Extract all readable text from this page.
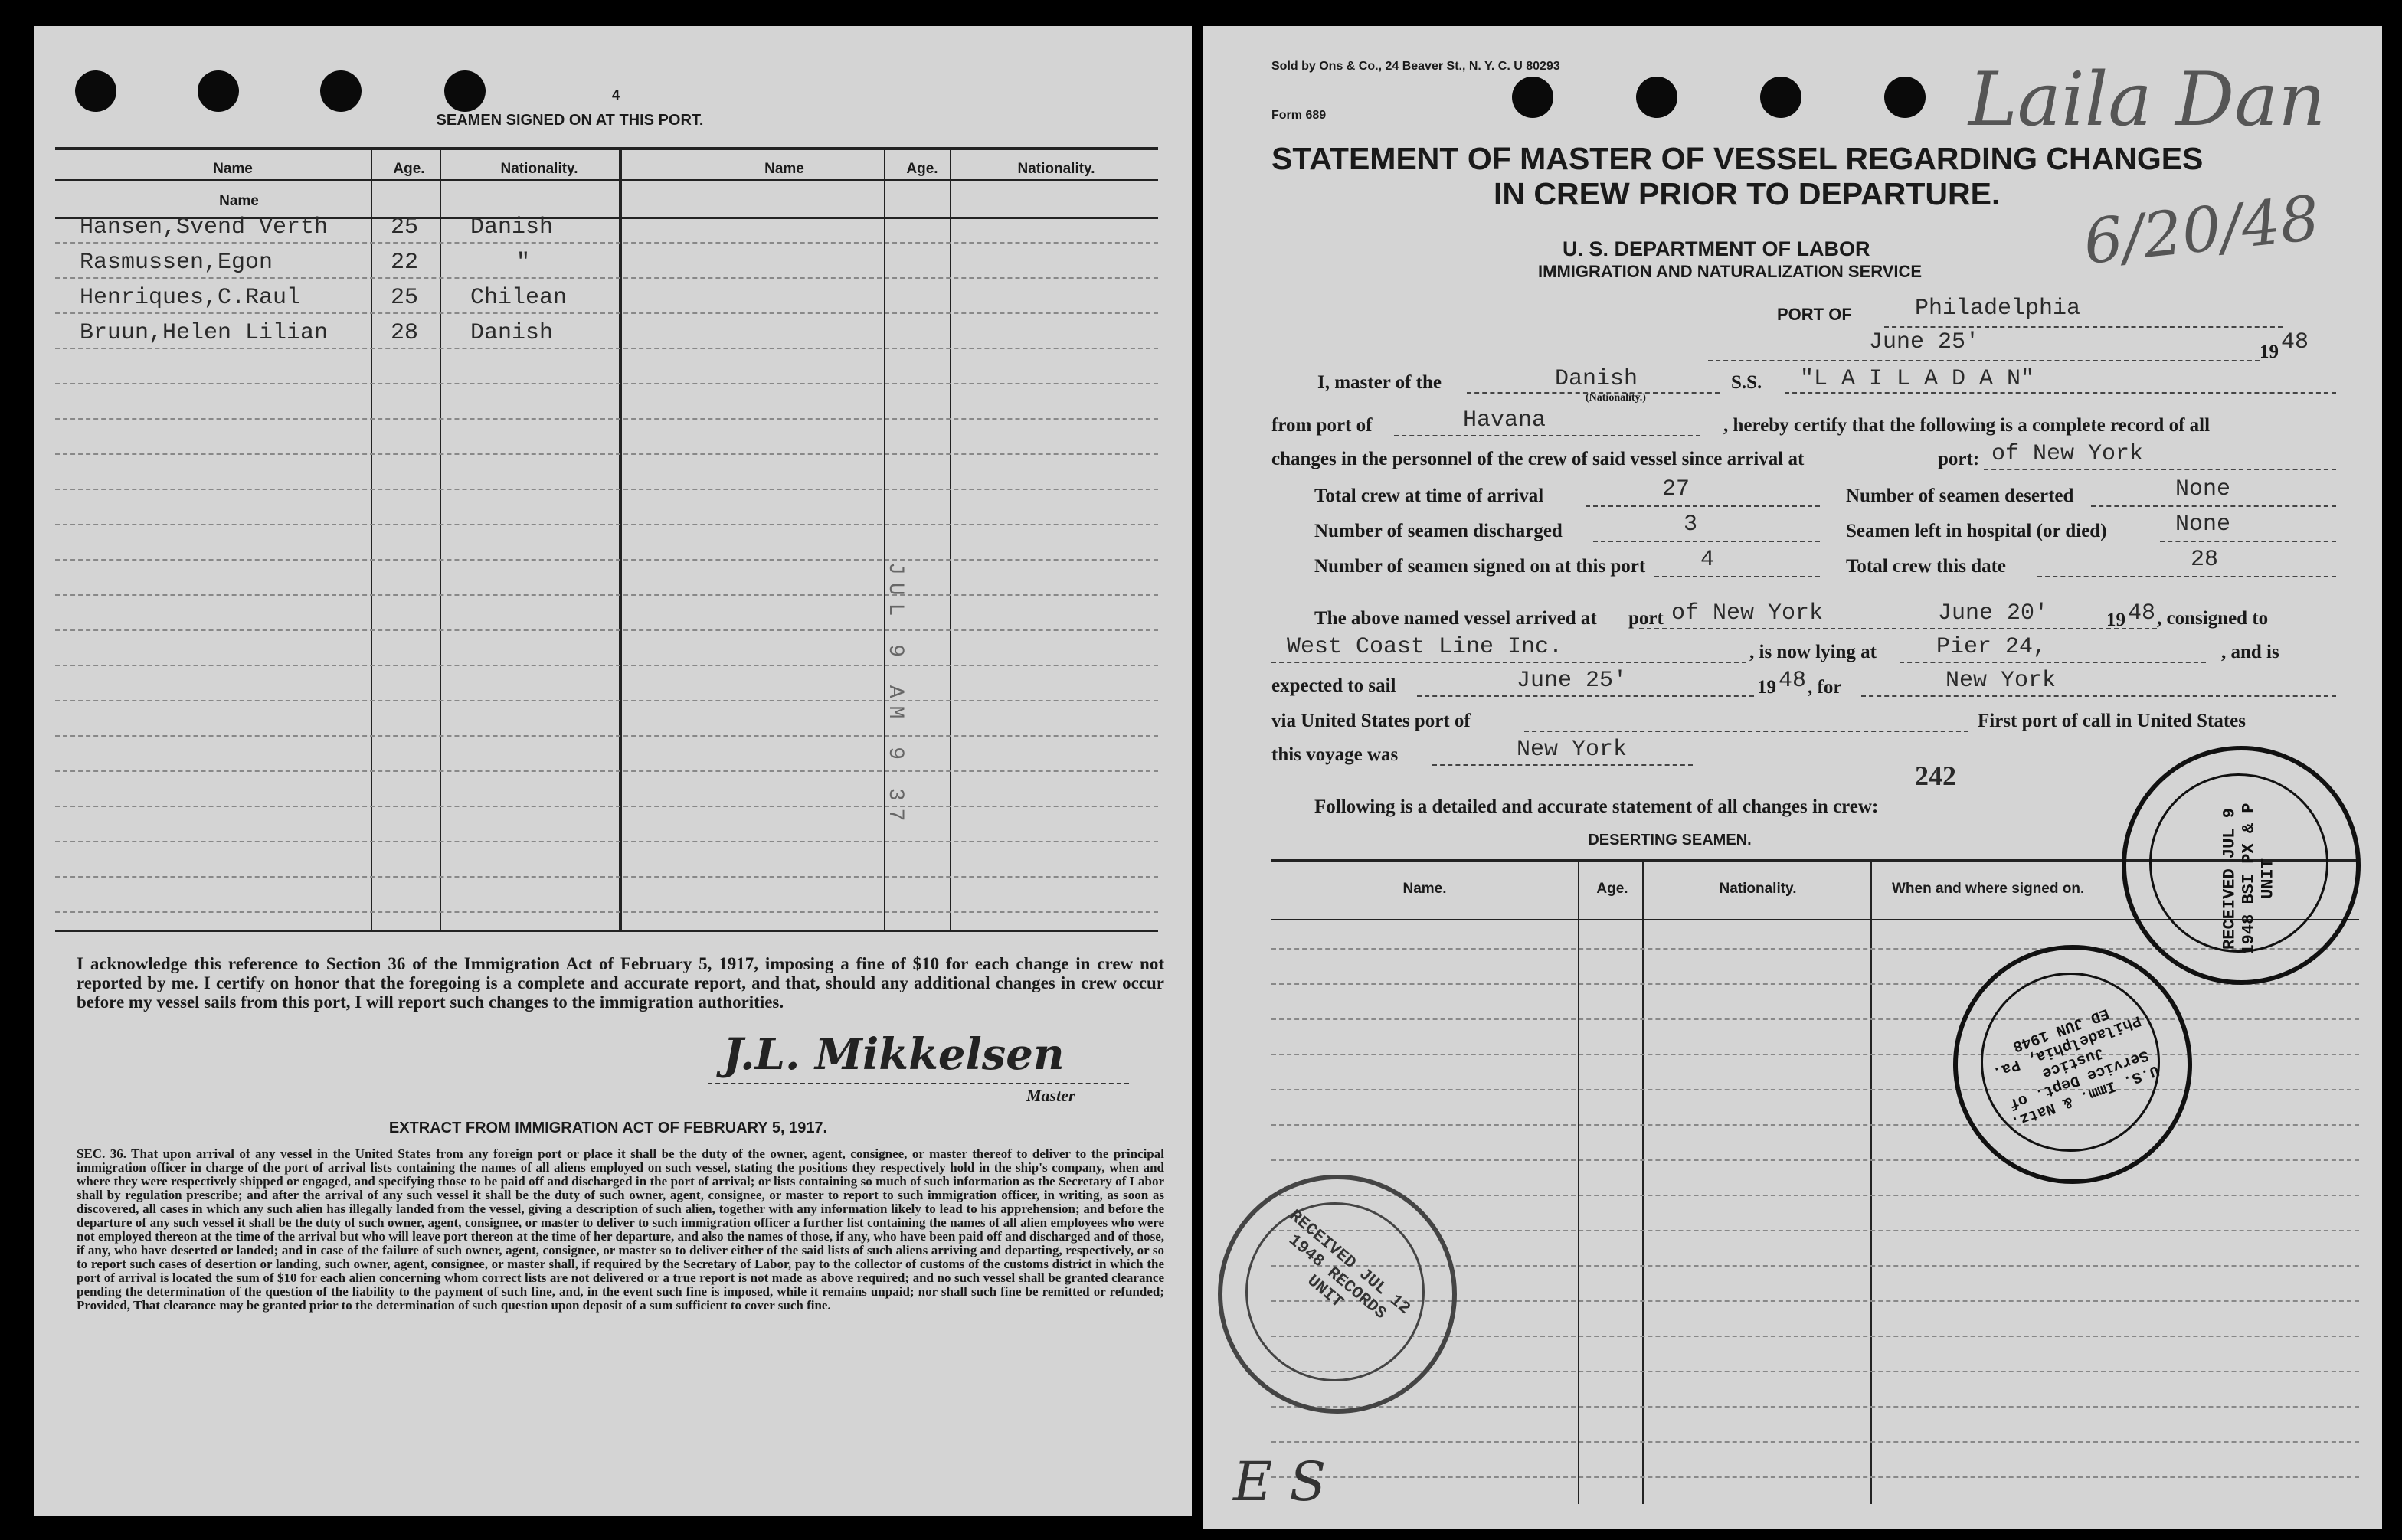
4
SEAMEN SIGNED ON AT THIS PORT.
Name
Name	Age.	Nationality.	Name	Age.	Nationality.
Hansen,Svend Verth	25 Danish
Rasmussen,Egon	22	"
Henriques,C.Raul	25 Chilean
Bruun,Helen Lilian	28 Danish
JUL 9 AM 9 37
I acknowledge this reference to Section 36 of the Immigration Act of February 5, 1917, imposing a fine of $10 for each change in crew not reported by me. I certify on honor that the foregoing is a complete and accurate report, and that, should any additional changes in crew occur before my vessel sails from this port, I will report such changes to the immigration authorities.
J.L. Mikkelsen
Master
EXTRACT FROM IMMIGRATION ACT OF FEBRUARY 5, 1917.
SEC. 36. That upon arrival of any vessel in the United States from any foreign port or place it shall be the duty of the owner, agent, consignee, or master thereof to deliver to the principal immigration officer in charge of the port of arrival lists containing the names of all aliens employed on such vessel, stating the positions they respectively hold in the ship's company, when and where they were respectively shipped or engaged, and specifying those to be paid off and discharged in the port of arrival; or lists containing so much of such information as the Secretary of Labor shall by regulation prescribe; and after the arrival of any such vessel it shall be the duty of such owner, agent, consignee, or master to report to such immigration officer, in writing, as soon as discovered, all cases in which any such alien has illegally landed from the vessel, giving a description of such alien, together with any information likely to lead to his apprehension; and before the departure of any such vessel it shall be the duty of such owner, agent, consignee, or master to deliver to such immigration officer a further list containing the names of all alien employees who were not employed thereon at the time of the arrival but who will leave port thereon at the time of her departure, and also the names of those, if any, who have been paid off and discharged and of those, if any, who have deserted or landed; and in case of the failure of such owner, agent, consignee, or master so to deliver either of the said lists of such aliens arriving and departing, respectively, or so to report such cases of desertion or landing, such owner, agent, consignee, or master shall, if required by the Secretary of Labor, pay to the collector of customs of the customs district in which the port of arrival is located the sum of $10 for each alien concerning whom correct lists are not delivered or a true report is not made as above required; and no such vessel shall be granted clearance pending the determination of the question of the liability to the payment of such fine, and, in the event such fine is imposed, while it remains unpaid; nor shall such fine be remitted or refunded; Provided, That clearance may be granted prior to the determination of such question upon deposit of a sum sufficient to cover such fine.
Sold by Ons & Co., 24 Beaver St., N. Y. C. U 80293
Form 689	Laila Dan
6/20/48
STATEMENT OF MASTER OF VESSEL REGARDING CHANGES
IN CREW PRIOR TO DEPARTURE.
U. S. DEPARTMENT OF LABOR
IMMIGRATION AND NATURALIZATION SERVICE
PORT OF	Philadelphia
June 25'	19 48
I, master of the	Danish
(Nationality.)
S.S. "L A I L A D A N"
from port of	Havana	, hereby certify that the following is a complete record of all
changes in the personnel of the crew of said vessel since arrival at	port: of New York
Total crew at time of arrival	27	Number of seamen deserted	None
Number of seamen discharged	3	Seamen left in hospital (or died)	None
Number of seamen signed on at this port 4	Total crew this date	28
The above named vessel arrived at port of New York	June 20'	19 48 , consigned to
West Coast Line Inc.	, is now lying at	Pier 24,	, and is
expected to sail	June 25'	19 48 , for	New York
via United States port of	First port of call in United States
this voyage was	New York
242
Following is a detailed and accurate statement of all changes in crew:
DESERTING SEAMEN.
Name.	Age.	Nationality.	When and where signed on.	RECEIVED JUL 9 1948 BSI PX & P UNIT
U.S. Imm. & Natz. Service Dept. of Justice Philadelphia, Pa. ED JUN 1948
RECEIVED JUL 12 1948 RECORDS UNIT
E S
